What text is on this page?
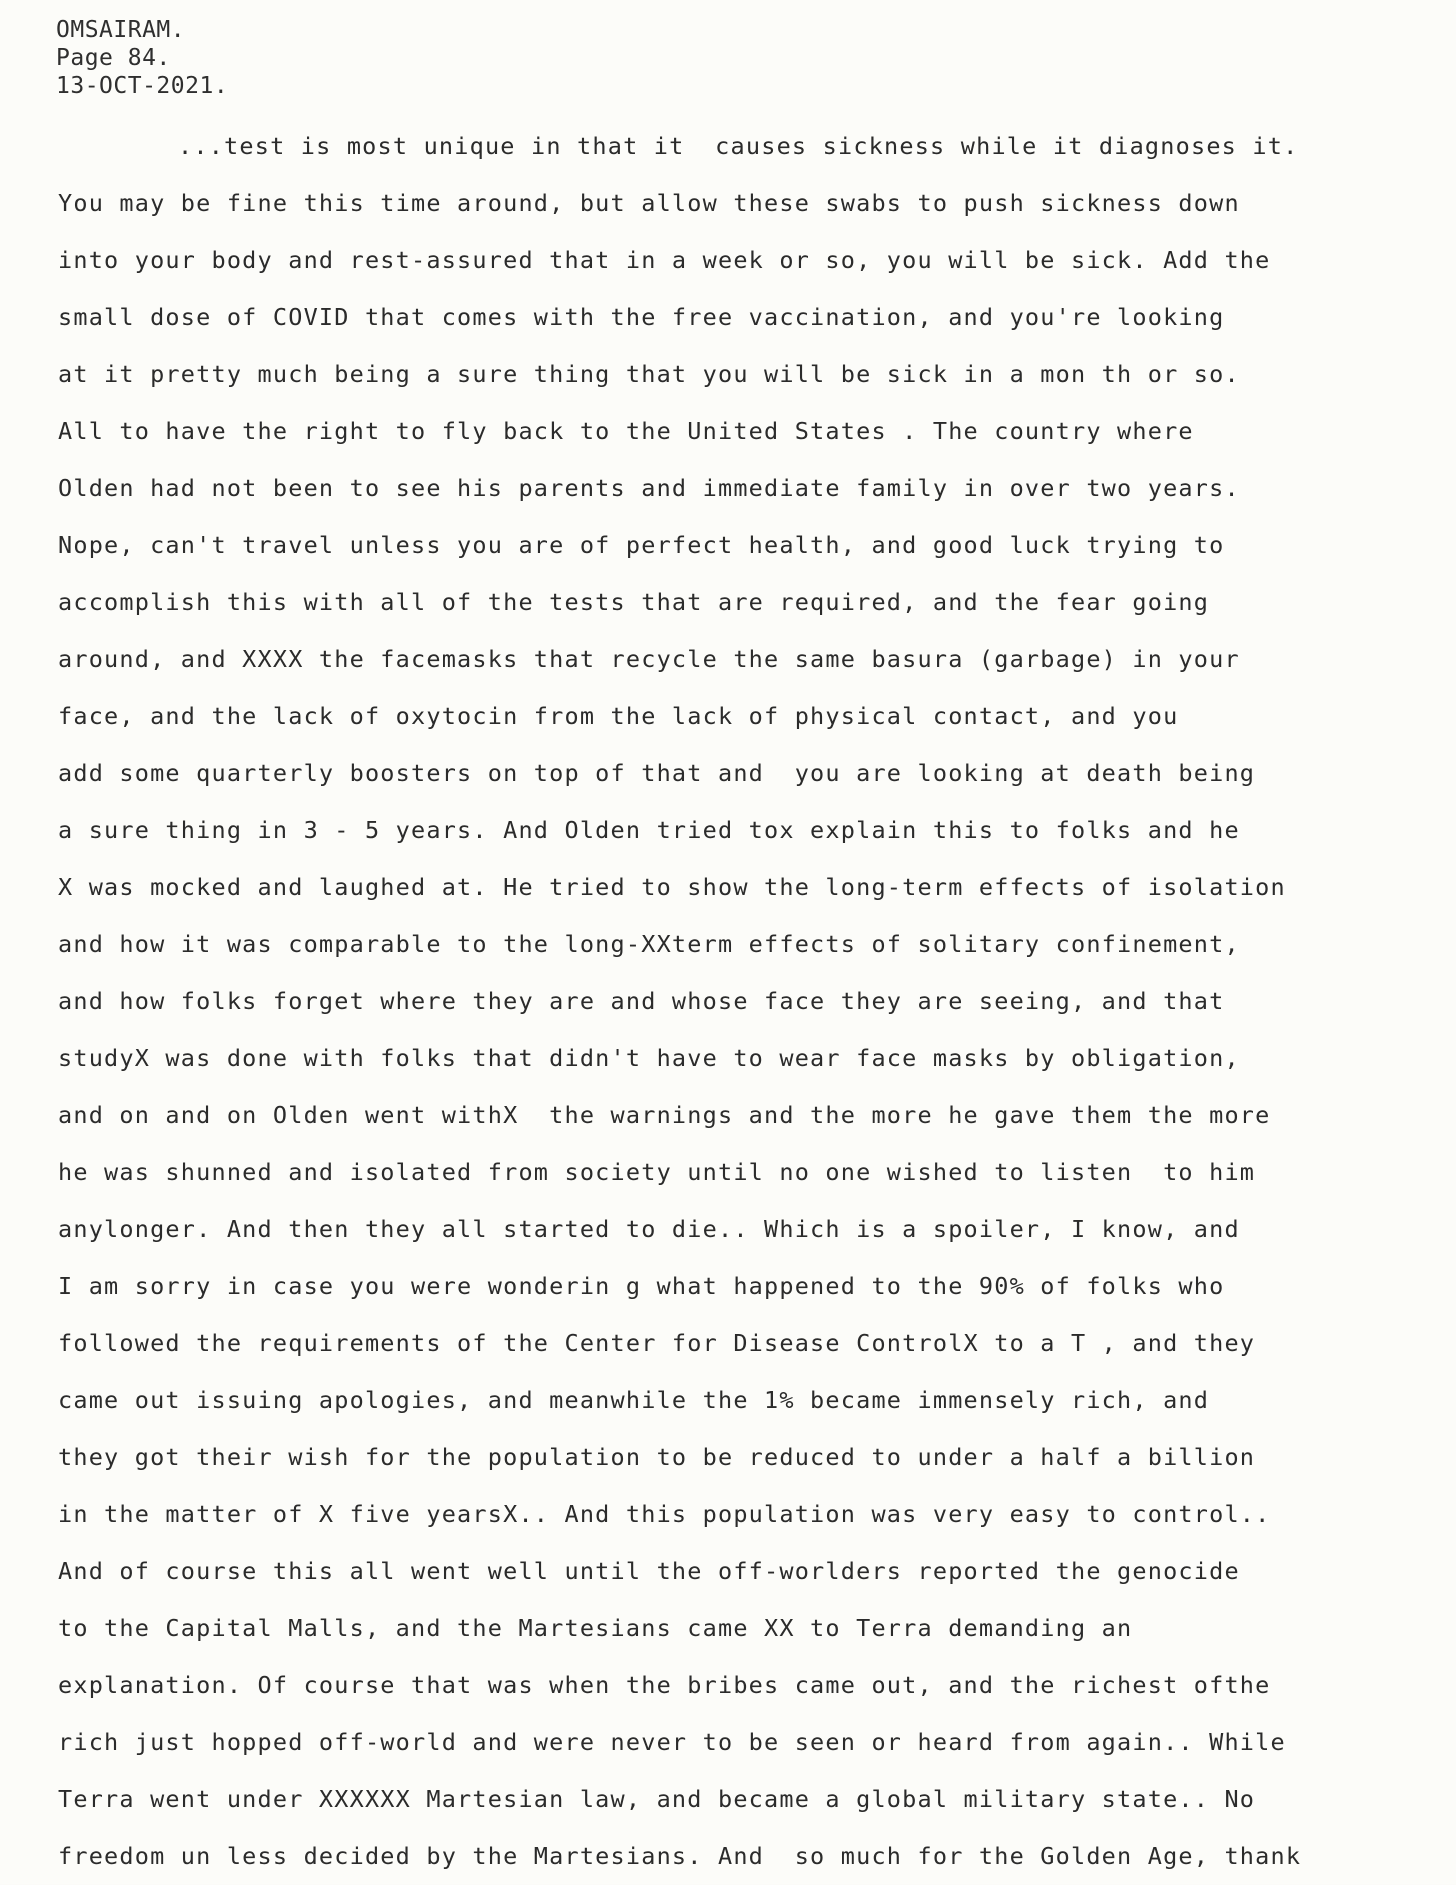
OMSAIRAM.
Page 84.
13-OCT-2021.
...test is most unique in that it  causes sickness while it diagnoses it.
You may be fine this time around, but allow these swabs to push sickness down
into your body and rest-assured that in a week or so, you will be sick. Add the
small dose of COVID that comes with the free vaccination, and you're looking
at it pretty much being a sure thing that you will be sick in a mon th or so.
All to have the right to fly back to the United States . The country where
Olden had not been to see his parents and immediate family in over two years.
Nope, can't travel unless you are of perfect health, and good luck trying to
accomplish this with all of the tests that are required, and the fear going
around, and XXXX the facemasks that recycle the same basura (garbage) in your
face, and the lack of oxytocin from the lack of physical contact, and you
add some quarterly boosters on top of that and  you are looking at death being
a sure thing in 3 - 5 years. And Olden tried tox explain this to folks and he
X was mocked and laughed at. He tried to show the long-term effects of isolation
and how it was comparable to the long-XXterm effects of solitary confinement,
and how folks forget where they are and whose face they are seeing, and that
studyX was done with folks that didn't have to wear face masks by obligation,
and on and on Olden went withX  the warnings and the more he gave them the more
he was shunned and isolated from society until no one wished to listen  to him
anylonger. And then they all started to die.. Which is a spoiler, I know, and
I am sorry in case you were wonderin g what happened to the 90% of folks who
followed the requirements of the Center for Disease ControlX to a T , and they
came out issuing apologies, and meanwhile the 1% became immensely rich, and
they got their wish for the population to be reduced to under a half a billion
in the matter of X five yearsX.. And this population was very easy to control..
And of course this all went well until the off-worlders reported the genocide
to the Capital Malls, and the Martesians came XX to Terra demanding an
explanation. Of course that was when the bribes came out, and the richest ofthe
rich just hopped off-world and were never to be seen or heard from again.. While
Terra went under XXXXXX Martesian law, and became a global military state.. No
freedom un less decided by the Martesians. And  so much for the Golden Age, thank
